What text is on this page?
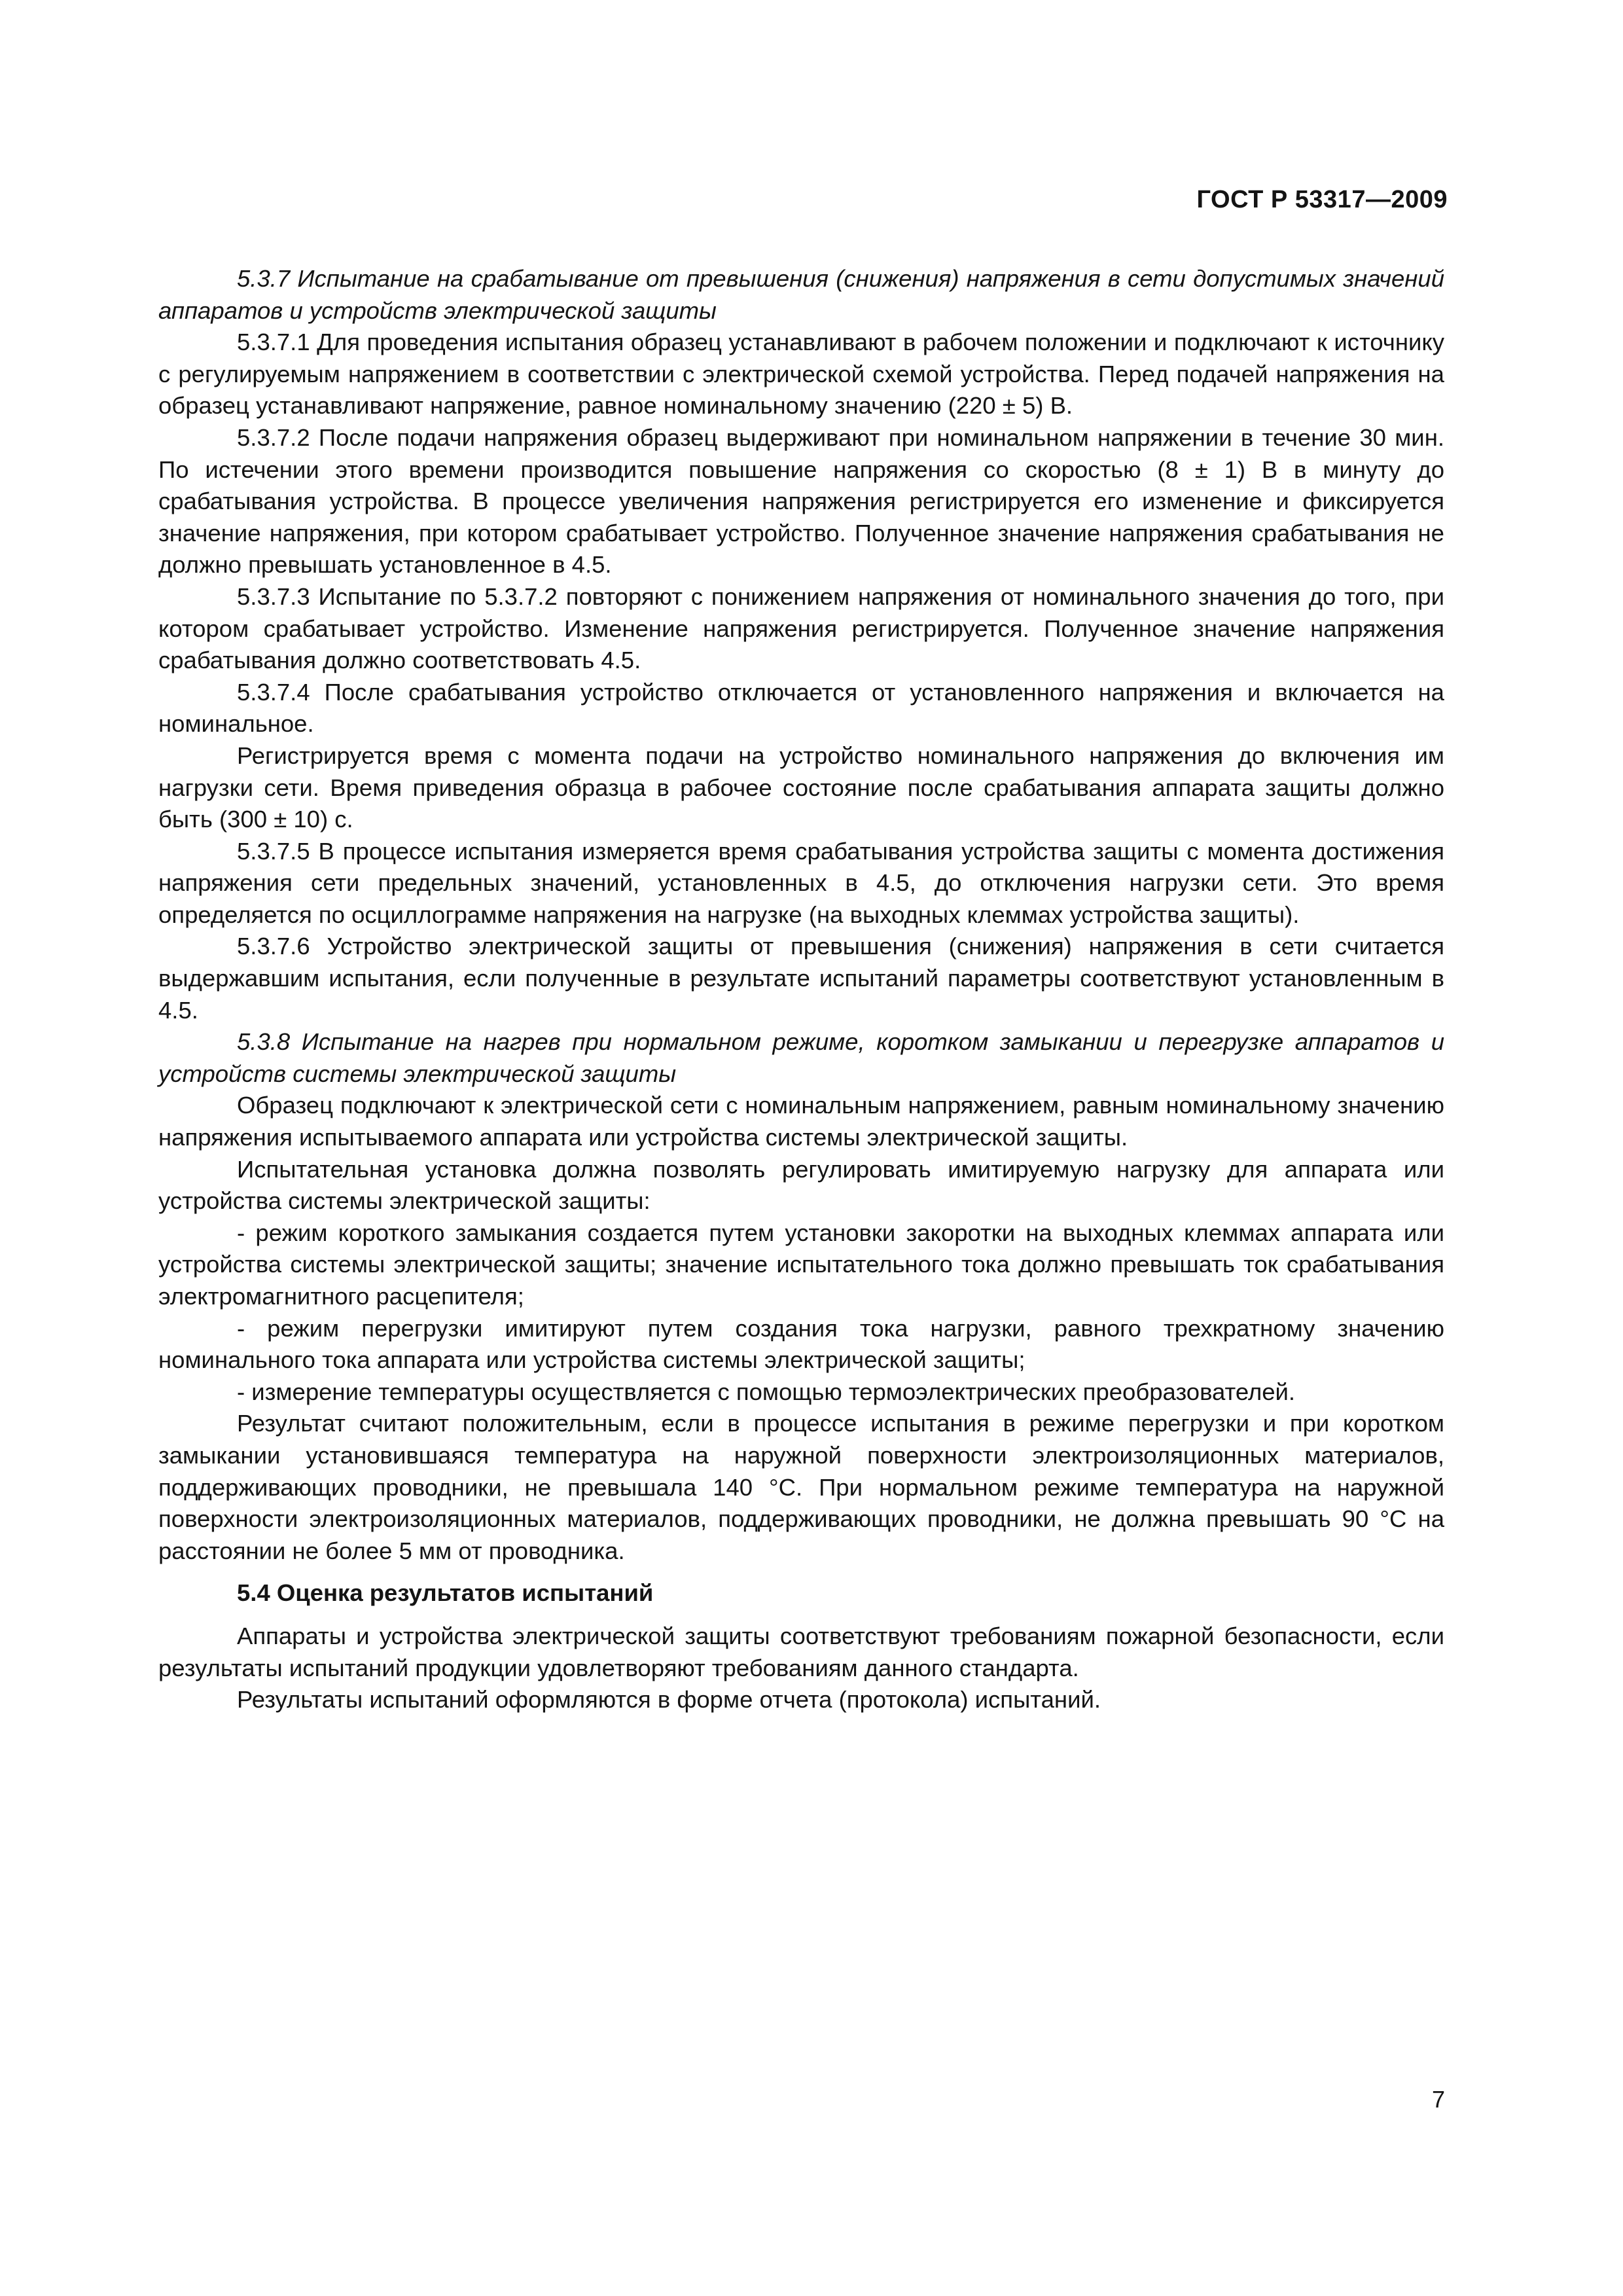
ГОСТ Р 53317—2009

5.3.7 Испытание на срабатывание от превышения (снижения) напряжения в сети допустимых значений аппаратов и устройств электрической защиты

5.3.7.1 Для проведения испытания образец устанавливают в рабочем положении и подключают к источнику с регулируемым напряжением в соответствии с электрической схемой устройства. Перед подачей напряжения на образец устанавливают напряжение, равное номинальному значению (220 ± 5) В.

5.3.7.2 После подачи напряжения образец выдерживают при номинальном напряжении в течение 30 мин. По истечении этого времени производится повышение напряжения со скоростью (8 ± 1) В в минуту до срабатывания устройства. В процессе увеличения напряжения регистрируется его изменение и фиксируется значение напряжения, при котором срабатывает устройство. Полученное значение напряжения срабатывания не должно превышать установленное в 4.5.

5.3.7.3 Испытание по 5.3.7.2 повторяют с понижением напряжения от номинального значения до того, при котором срабатывает устройство. Изменение напряжения регистрируется. Полученное значение напряжения срабатывания должно соответствовать 4.5.

5.3.7.4 После срабатывания устройство отключается от установленного напряжения и включается на номинальное.

Регистрируется время с момента подачи на устройство номинального напряжения до включения им нагрузки сети. Время приведения образца в рабочее состояние после срабатывания аппарата защиты должно быть (300 ± 10) с.

5.3.7.5 В процессе испытания измеряется время срабатывания устройства защиты с момента достижения напряжения сети предельных значений, установленных в 4.5, до отключения нагрузки сети. Это время определяется по осциллограмме напряжения на нагрузке (на выходных клеммах устройства защиты).

5.3.7.6 Устройство электрической защиты от превышения (снижения) напряжения в сети считается выдержавшим испытания, если полученные в результате испытаний параметры соответствуют установленным в 4.5.

5.3.8 Испытание на нагрев при нормальном режиме, коротком замыкании и перегрузке аппаратов и устройств системы электрической защиты

Образец подключают к электрической сети с номинальным напряжением, равным номинальному значению напряжения испытываемого аппарата или устройства системы электрической защиты.

Испытательная установка должна позволять регулировать имитируемую нагрузку для аппарата или устройства системы электрической защиты:

- режим короткого замыкания создается путем установки закоротки на выходных клеммах аппарата или устройства системы электрической защиты; значение испытательного тока должно превышать ток срабатывания электромагнитного расцепителя;

- режим перегрузки имитируют путем создания тока нагрузки, равного трехкратному значению номинального тока аппарата или устройства системы электрической защиты;

- измерение температуры осуществляется с помощью термоэлектрических преобразователей.

Результат считают положительным, если в процессе испытания в режиме перегрузки и при коротком замыкании установившаяся температура на наружной поверхности электроизоляционных материалов, поддерживающих проводники, не превышала 140 °С. При нормальном режиме температура на наружной поверхности электроизоляционных материалов, поддерживающих проводники, не должна превышать 90 °С на расстоянии не более 5 мм от проводника.

5.4 Оценка результатов испытаний

Аппараты и устройства электрической защиты соответствуют требованиям пожарной безопасности, если результаты испытаний продукции удовлетворяют требованиям данного стандарта.

Результаты испытаний оформляются в форме отчета (протокола) испытаний.

7
